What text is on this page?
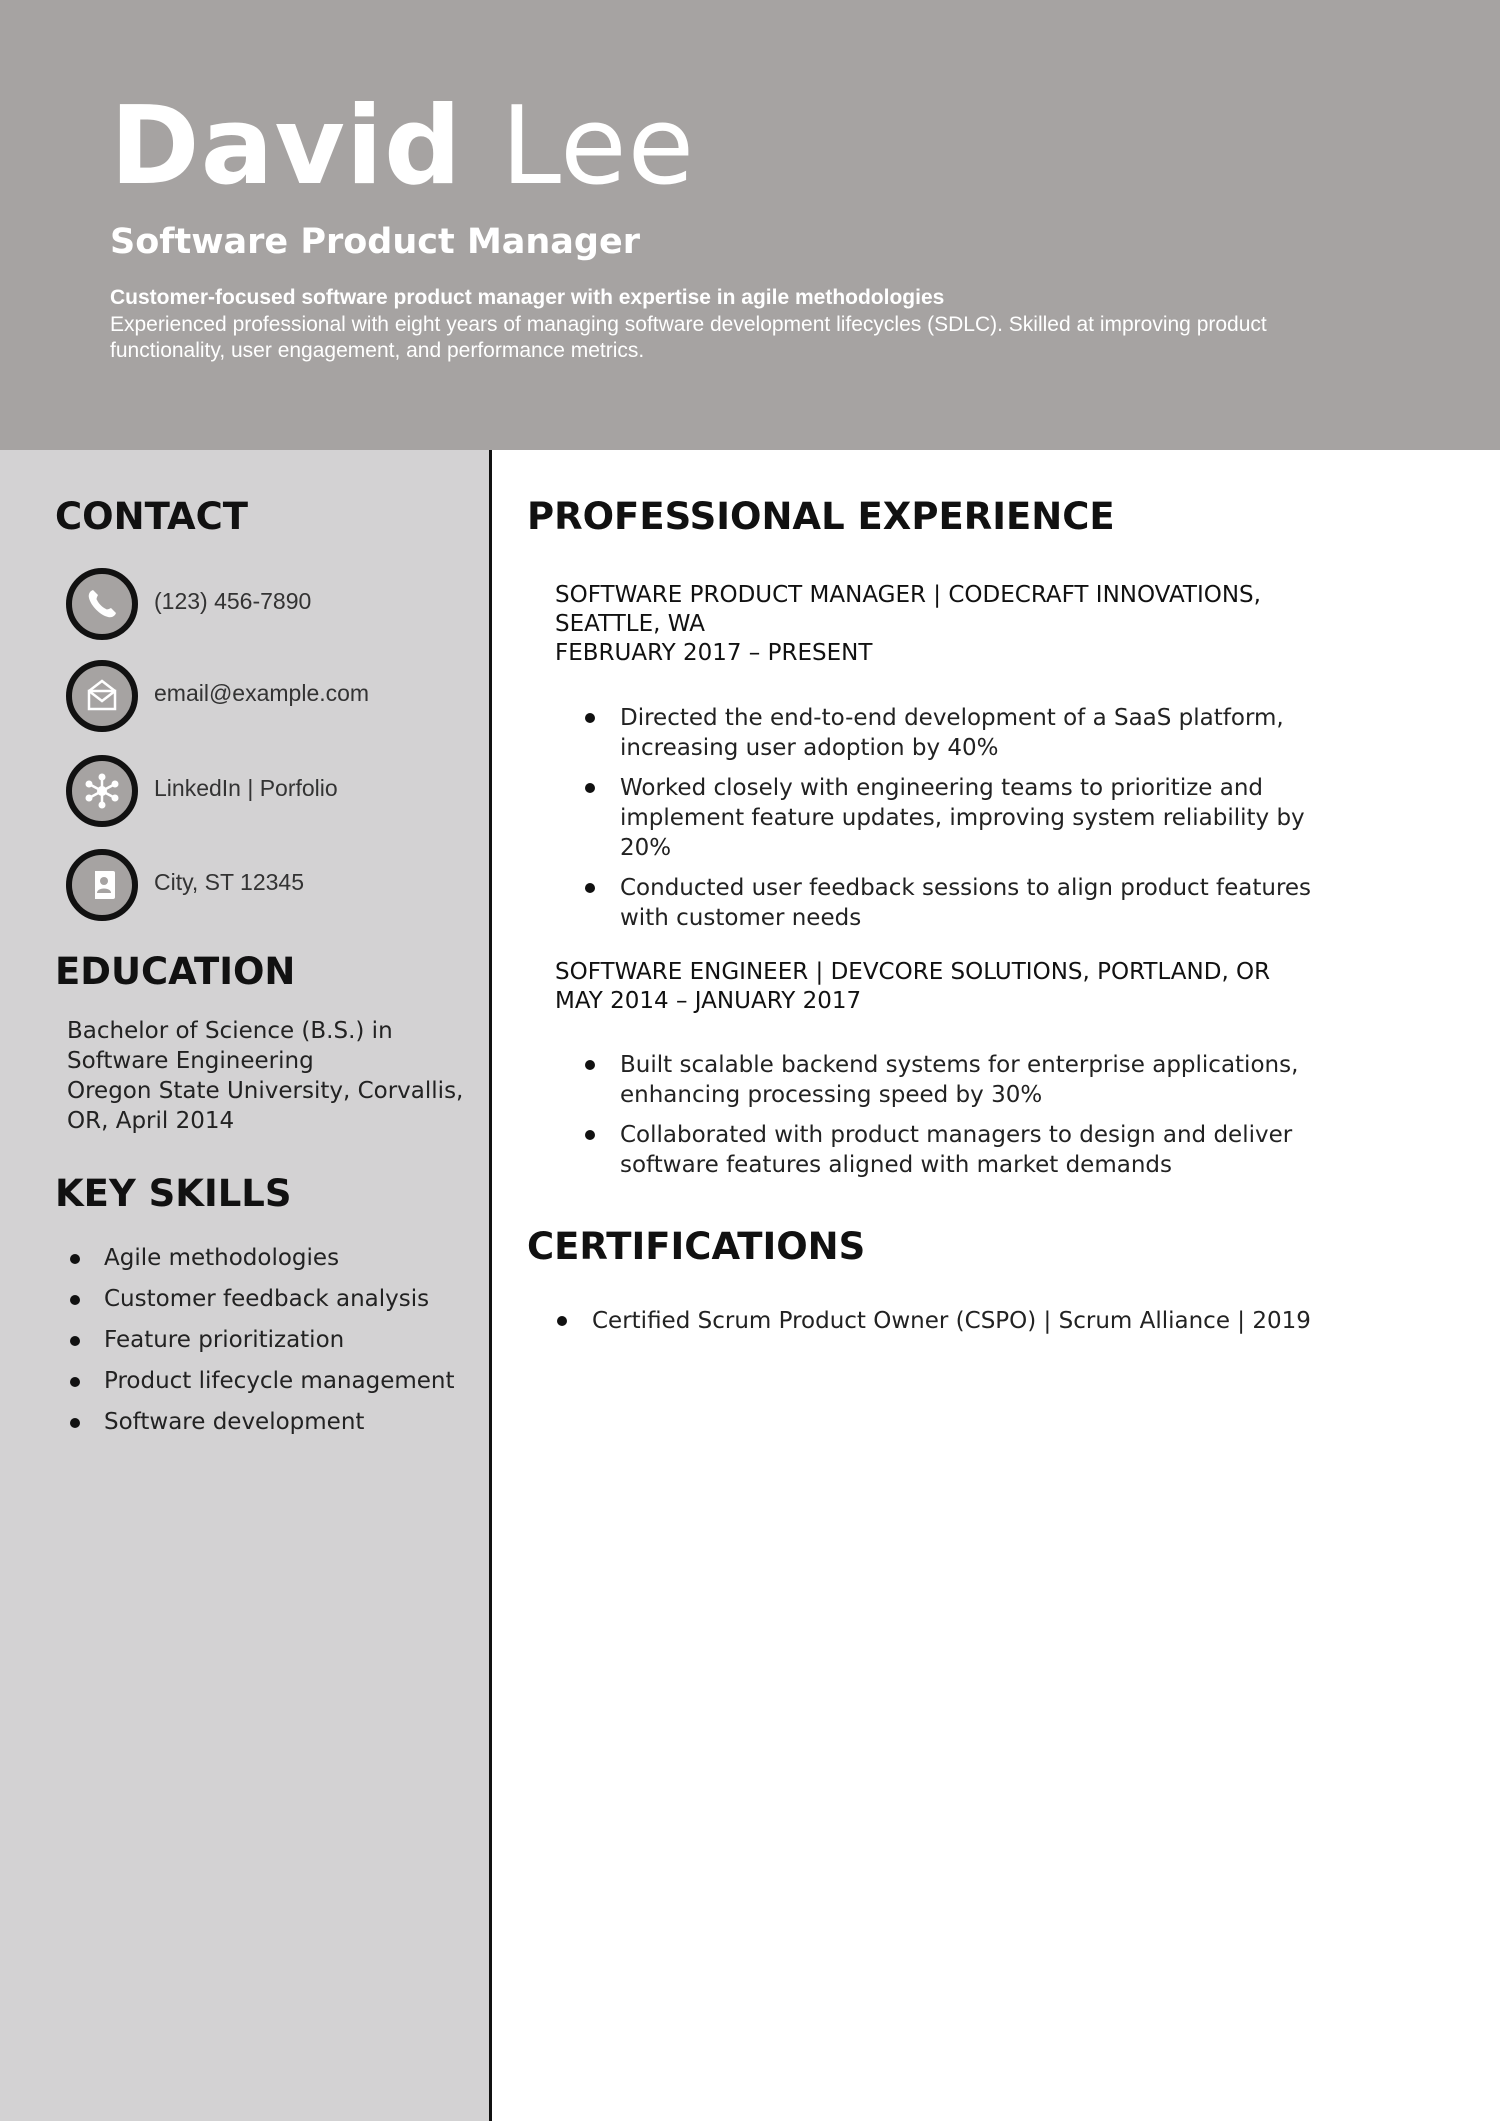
David Lee
Software Product Manager

Customer-focused software product manager with expertise in agile methodologies

Experienced professional with eight years of managing software development lifecycles (SDLC). Skilled at improving product functionality, user engagement, and performance metrics.

CONTACT
(123) 456-7890
email@example.com
LinkedIn | Porfolio
City, ST 12345
EDUCATION
Bachelor of Science (B.S.) in
Software Engineering
Oregon State University, Corvallis,
OR, April 2014
KEY SKILLS
Agile methodologies
Customer feedback analysis
Feature prioritization
Product lifecycle management
Software development
PROFESSIONAL EXPERIENCE
SOFTWARE PRODUCT MANAGER | CODECRAFT INNOVATIONS,
SEATTLE, WA
FEBRUARY 2017 – PRESENT
Directed the end-to-end development of a SaaS platform, increasing user adoption by 40%
Worked closely with engineering teams to prioritize and implement feature updates, improving system reliability by 20%
Conducted user feedback sessions to align product features with customer needs
SOFTWARE ENGINEER | DEVCORE SOLUTIONS, PORTLAND, OR
MAY 2014 – JANUARY 2017
Built scalable backend systems for enterprise applications, enhancing processing speed by 30%
Collaborated with product managers to design and deliver software features aligned with market demands
CERTIFICATIONS
Certified Scrum Product Owner (CSPO) | Scrum Alliance | 2019
